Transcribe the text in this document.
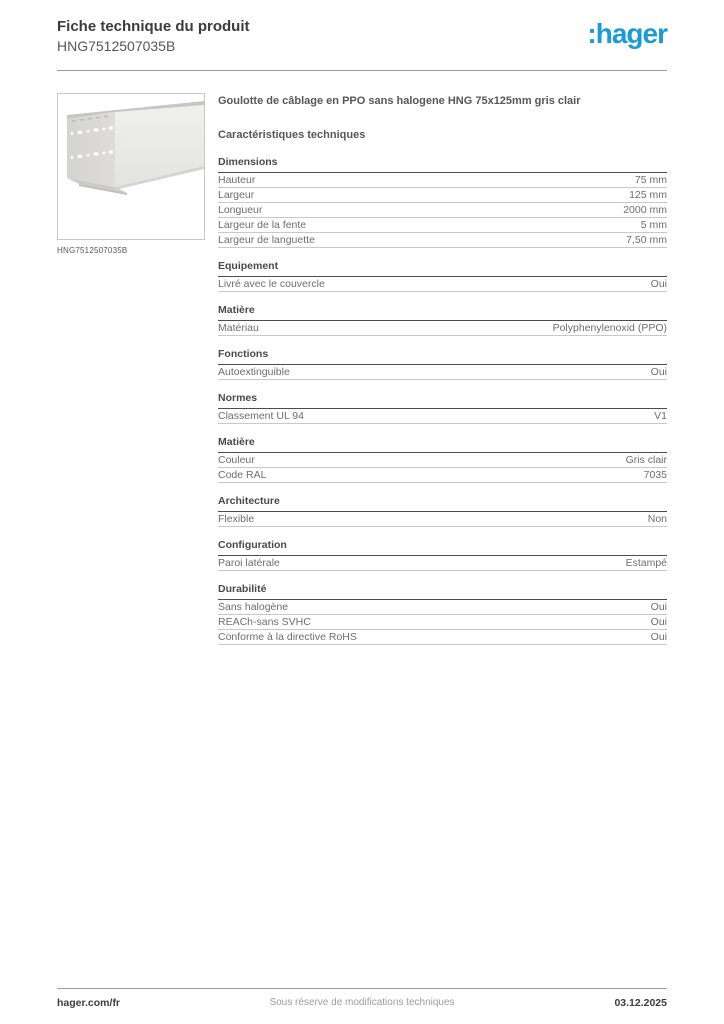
Fiche technique du produit
HNG7512507035B	:hager
HNG7512507035B
Goulotte de câblage en PPO sans halogene HNG 75x125mm gris clair
Caractéristiques techniques
Dimensions
Hauteur	75 mm
Largeur	125 mm
Longueur	2000 mm
Largeur de la fente	5 mm
Largeur de languette	7,50 mm
Equipement
Livré avec le couvercle	Oui
Matière
Matériau	Polyphenylenoxid (PPO)
Fonctions
Autoextinguible	Oui
Normes
Classement UL 94	V1
Matière
Couleur	Gris clair
Code RAL	7035
Architecture
Flexible	Non
Configuration
Paroi latérale	Estampé
Durabilité
Sans halogène	Oui
REACh-sans SVHC	Oui
Conforme à la directive RoHS	Oui
hager.com/fr	Sous réserve de modifications techniques	03.12.2025
